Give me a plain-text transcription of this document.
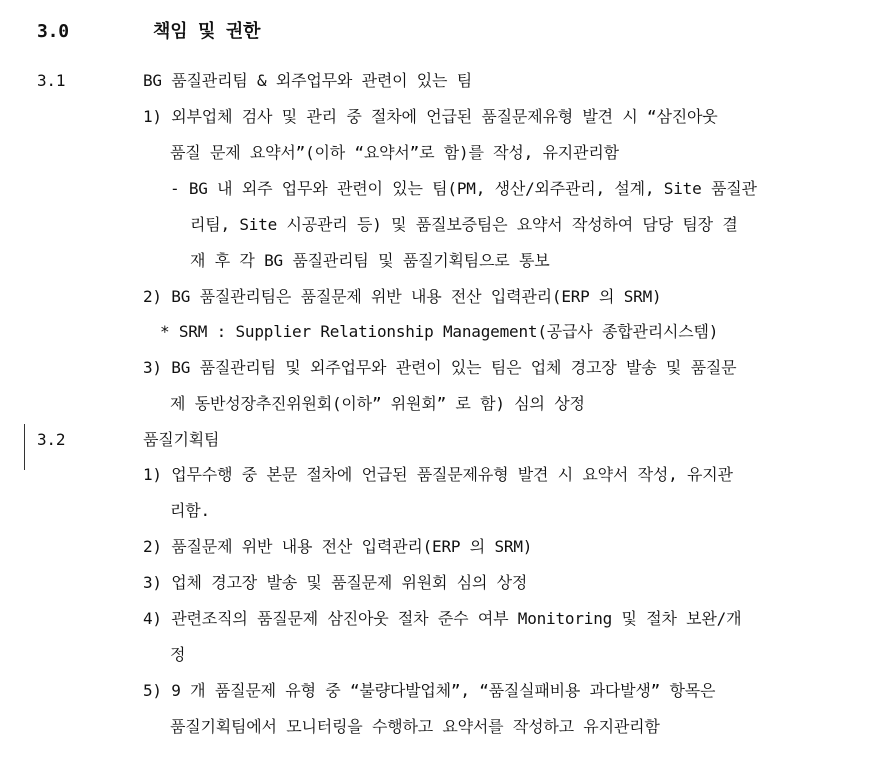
3.0	책임 및 권한
3.1	BG 품질관리팀 & 외주업무와 관련이 있는 팀
1) 외부업체 검사 및 관리 중 절차에 언급된 품질문제유형 발견 시 “삼진아웃
품질 문제 요약서”(이하 “요약서”로 함)를 작성, 유지관리함
- BG 내 외주 업무와 관련이 있는 팀(PM, 생산/외주관리, 설계, Site 품질관
리팀, Site 시공관리 등) 및 품질보증팀은 요약서 작성하여 담당 팀장 결
재 후 각 BG 품질관리팀 및 품질기획팀으로 통보
2) BG 품질관리팀은 품질문제 위반 내용 전산 입력관리(ERP 의 SRM)
* SRM : Supplier Relationship Management(공급사 종합관리시스템)
3) BG 품질관리팀 및 외주업무와 관련이 있는 팀은 업체 경고장 발송 및 품질문
제 동반성장추진위원회(이하” 위원회” 로 함) 심의 상정
3.2	품질기획팀
1) 업무수행 중 본문 절차에 언급된 품질문제유형 발견 시 요약서 작성, 유지관
리함.
2) 품질문제 위반 내용 전산 입력관리(ERP 의 SRM)
3) 업체 경고장 발송 및 품질문제 위원회 심의 상정
4) 관련조직의 품질문제 삼진아웃 절차 준수 여부 Monitoring 및 절차 보완/개
정
5) 9 개 품질문제 유형 중 “불량다발업체”, “품질실패비용 과다발생” 항목은
품질기획팀에서 모니터링을 수행하고 요약서를 작성하고 유지관리함
